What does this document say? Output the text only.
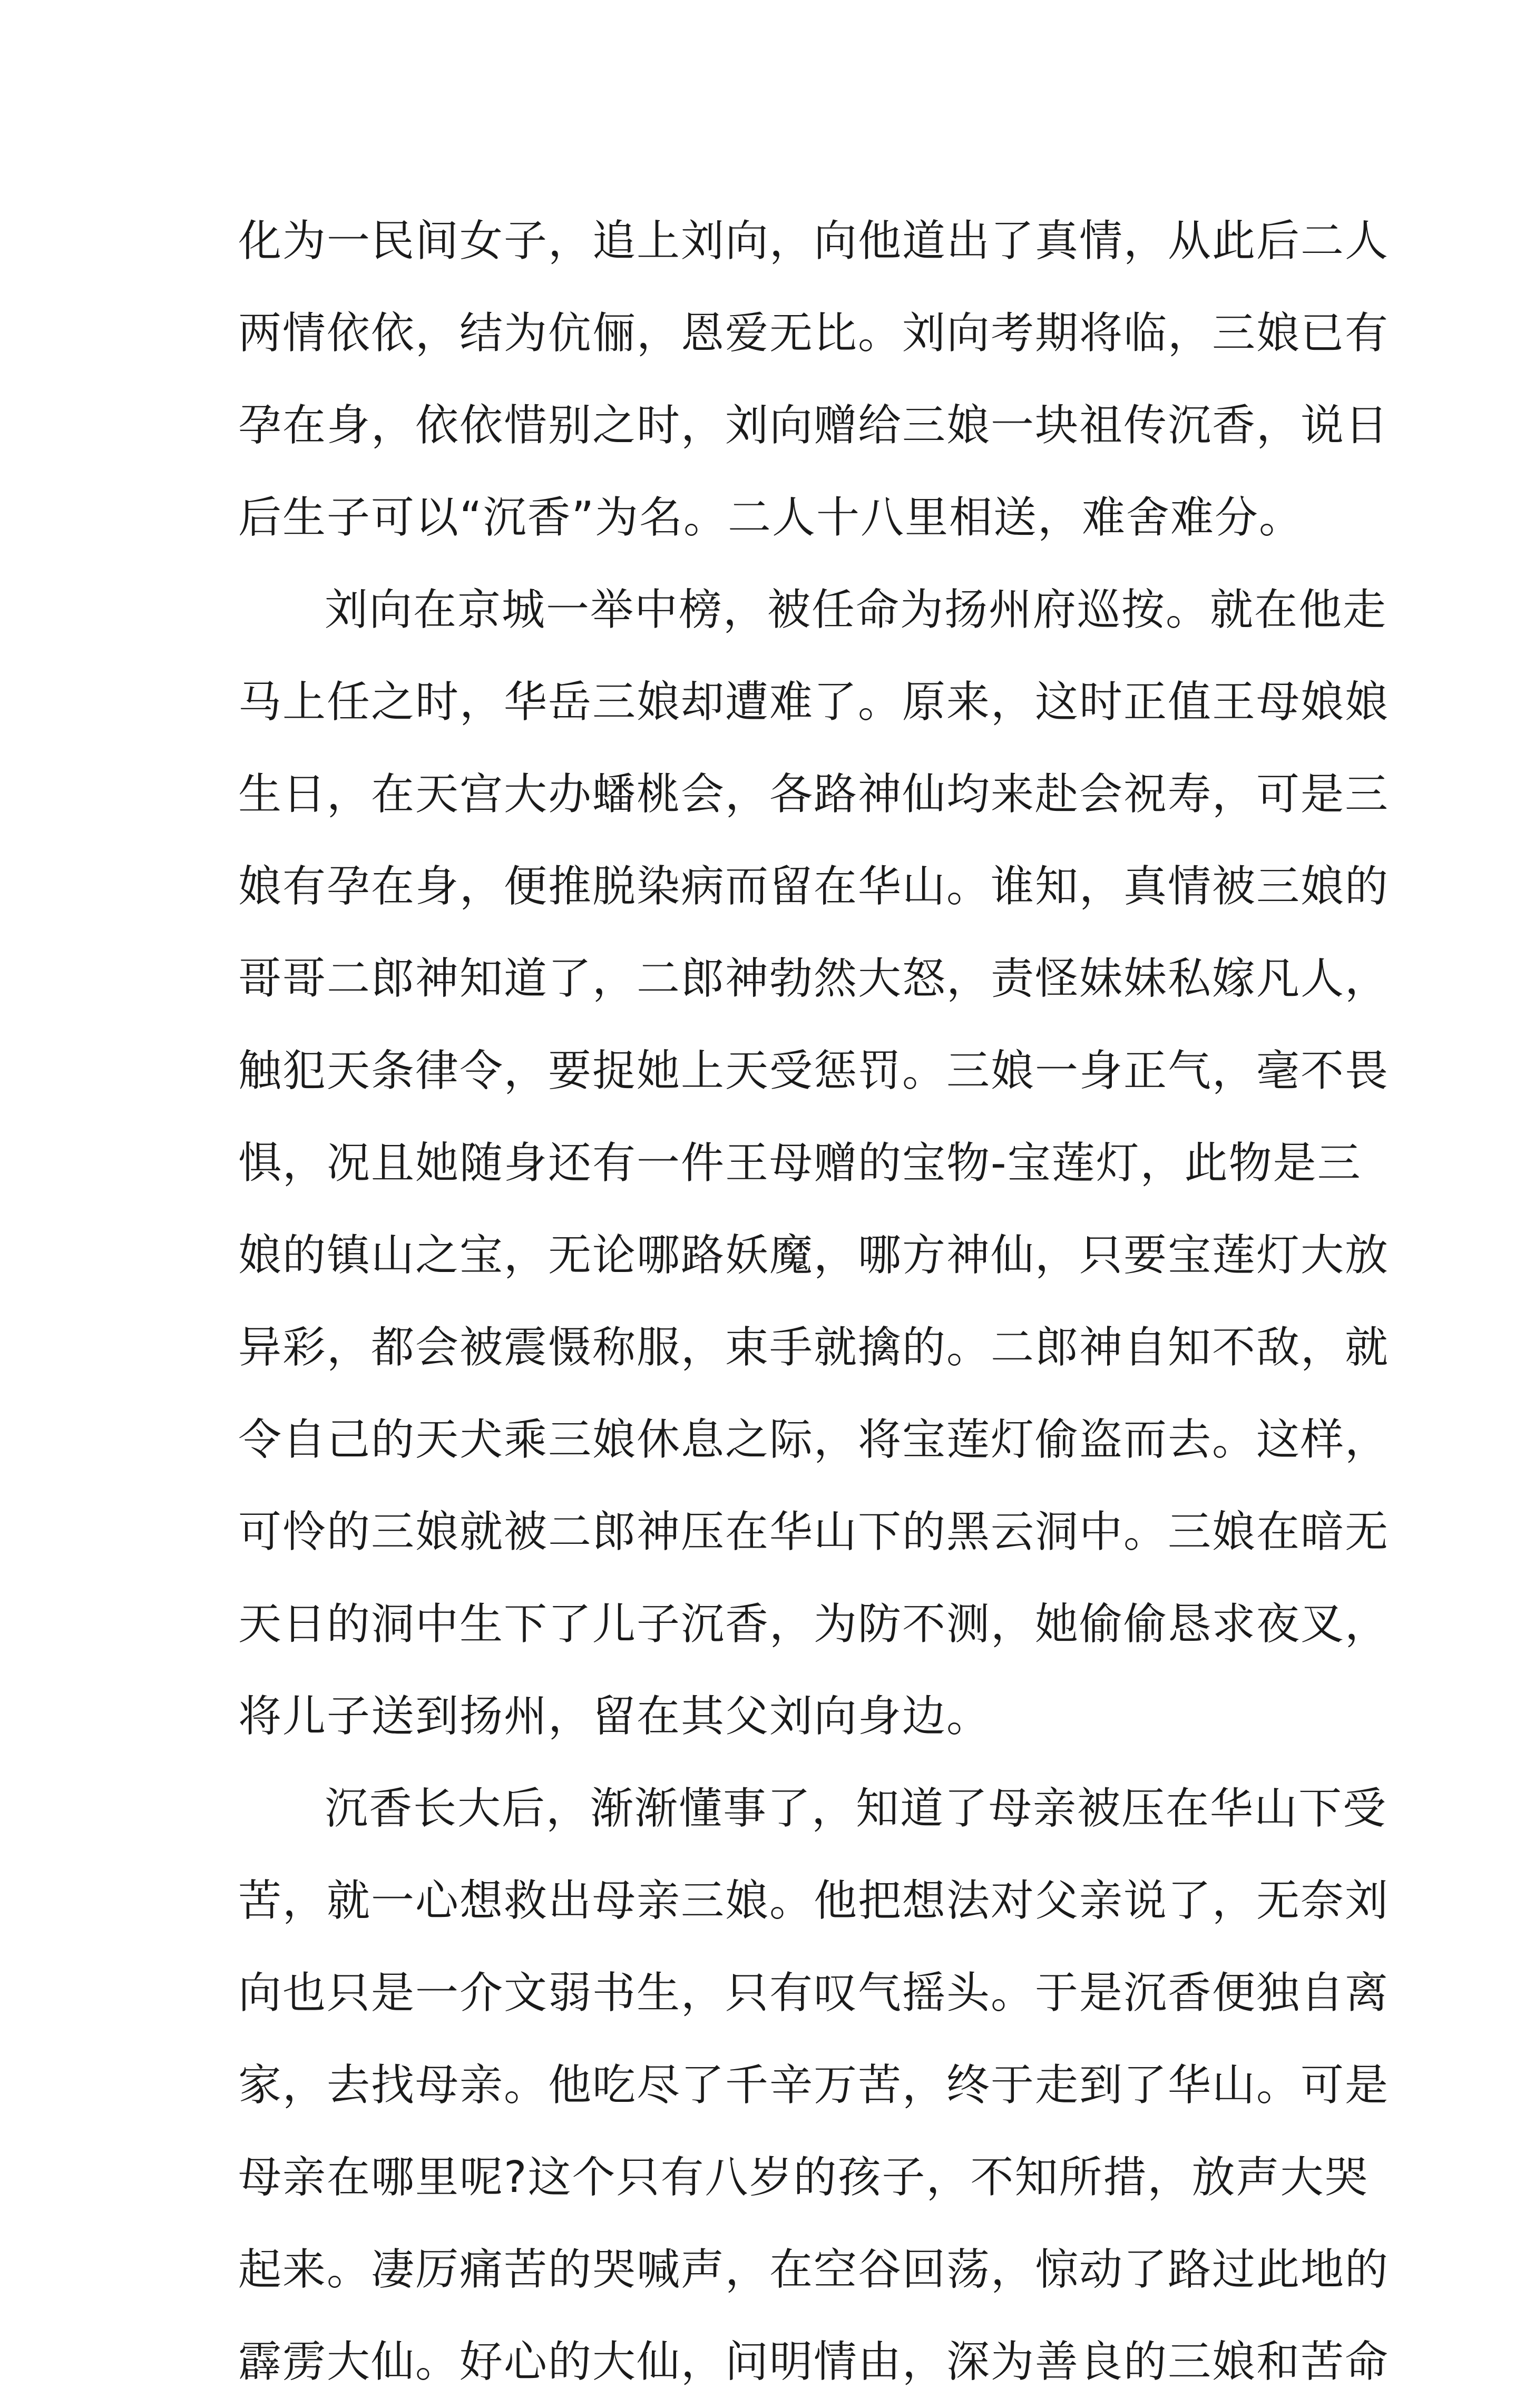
化为一民间女子，追上刘向，向他道出了真情，从此后二人
两情依依，结为伉俪，恩爱无比。刘向考期将临，三娘已有
孕在身，依依惜别之时，刘向赠给三娘一块祖传沉香，说日
后生子可以“沉香”为名。二人十八里相送，难舍难分。
刘向在京城一举中榜，被任命为扬州府巡按。就在他走
马上任之时，华岳三娘却遭难了。原来，这时正值王母娘娘
生日，在天宫大办蟠桃会，各路神仙均来赴会祝寿，可是三
娘有孕在身，便推脱染病而留在华山。谁知，真情被三娘的
哥哥二郎神知道了，二郎神勃然大怒，责怪妹妹私嫁凡人，
触犯天条律令，要捉她上天受惩罚。三娘一身正气，毫不畏
惧，况且她随身还有一件王母赠的宝物-宝莲灯，此物是三
娘的镇山之宝，无论哪路妖魔，哪方神仙，只要宝莲灯大放
异彩，都会被震慑称服，束手就擒的。二郎神自知不敌，就
令自己的天犬乘三娘休息之际，将宝莲灯偷盗而去。这样，
可怜的三娘就被二郎神压在华山下的黑云洞中。三娘在暗无
天日的洞中生下了儿子沉香，为防不测，她偷偷恳求夜叉，
将儿子送到扬州，留在其父刘向身边。
沉香长大后，渐渐懂事了，知道了母亲被压在华山下受
苦，就一心想救出母亲三娘。他把想法对父亲说了，无奈刘
向也只是一介文弱书生，只有叹气摇头。于是沉香便独自离
家，去找母亲。他吃尽了千辛万苦，终于走到了华山。可是
母亲在哪里呢?这个只有八岁的孩子，不知所措，放声大哭
起来。凄厉痛苦的哭喊声，在空谷回荡，惊动了路过此地的
霹雳大仙。好心的大仙，问明情由，深为善良的三娘和苦命
